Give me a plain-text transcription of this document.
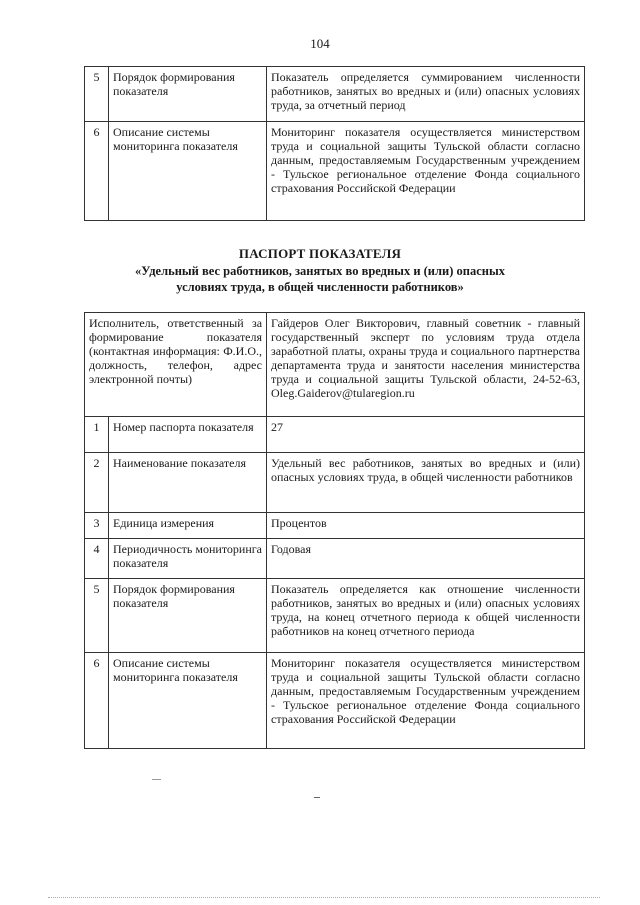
104
5	Порядок формирования показателя	Показатель определяется суммированием численности работников, занятых во вредных и (или) опасных условиях труда, за отчетный период
6	Описание системы мониторинга показателя	Мониторинг показателя осуществляется министерством труда и социальной защиты Тульской области согласно данным, предоставляемым Государственным учреждением - Тульское региональное отделение Фонда социального страхования Российской Федерации
ПАСПОРТ ПОКАЗАТЕЛЯ
«Удельный вес работников, занятых во вредных и (или) опасных
условиях труда, в общей численности работников»
Исполнитель, ответственный за формирование показателя (контактная информация: Ф.И.О., должность, телефон, адрес электронной почты)		Гайдеров Олег Викторович, главный советник - главный государственный эксперт по условиям труда отдела заработной платы, охраны труда и социального партнерства департамента труда и занятости населения министерства труда и социальной защиты Тульской области, 24-52-63, Oleg.Gaiderov@tularegion.ru
1	Номер паспорта показателя	27
2	Наименование показателя	Удельный вес работников, занятых во вредных и (или) опасных условиях труда, в общей численности работников
3	Единица измерения	Процентов
4	Периодичность мониторинга показателя	Годовая
5	Порядок формирования показателя	Показатель определяется как отношение численности работников, занятых во вредных и (или) опасных условиях труда, на конец отчетного периода к общей численности работников на конец отчетного периода
6	Описание системы мониторинга показателя	Мониторинг показателя осуществляется министерством труда и социальной защиты Тульской области согласно данным, предоставляемым Государственным учреждением - Тульское региональное отделение Фонда социального страхования Российской Федерации
